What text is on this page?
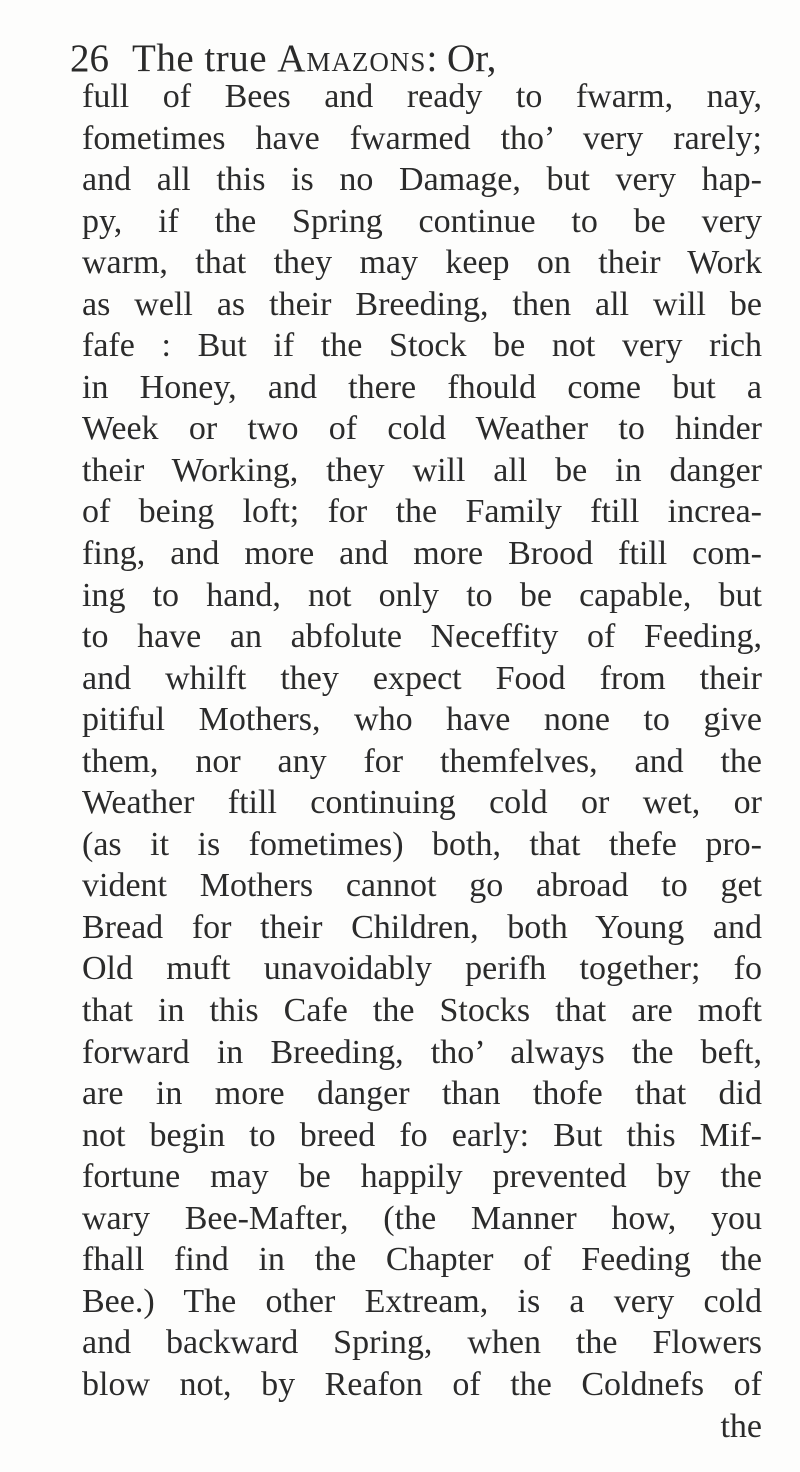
26 The true Amazons: Or,
full of Bees and ready to fwarm, nay,
fometimes have fwarmed tho’ very rarely;
and all this is no Damage, but very hap-
py, if the Spring continue to be very
warm, that they may keep on their Work
as well as their Breeding, then all will be
fafe : But if the Stock be not very rich
in Honey, and there fhould come but a
Week or two of cold Weather to hinder
their Working, they will all be in danger
of being loft; for the Family ftill increa-
fing, and more and more Brood ftill com-
ing to hand, not only to be capable, but
to have an abfolute Neceffity of Feeding,
and whilft they expect Food from their
pitiful Mothers, who have none to give
them, nor any for themfelves, and the
Weather ftill continuing cold or wet, or
(as it is fometimes) both, that thefe pro-
vident Mothers cannot go abroad to get
Bread for their Children, both Young and
Old muft unavoidably perifh together; fo
that in this Cafe the Stocks that are moft
forward in Breeding, tho’ always the beft,
are in more danger than thofe that did
not begin to breed fo early: But this Mif-
fortune may be happily prevented by the
wary Bee-Mafter, (the Manner how, you
fhall find in the Chapter of Feeding the
Bee.) The other Extream, is a very cold
and backward Spring, when the Flowers
blow not, by Reafon of the Coldnefs of
the
